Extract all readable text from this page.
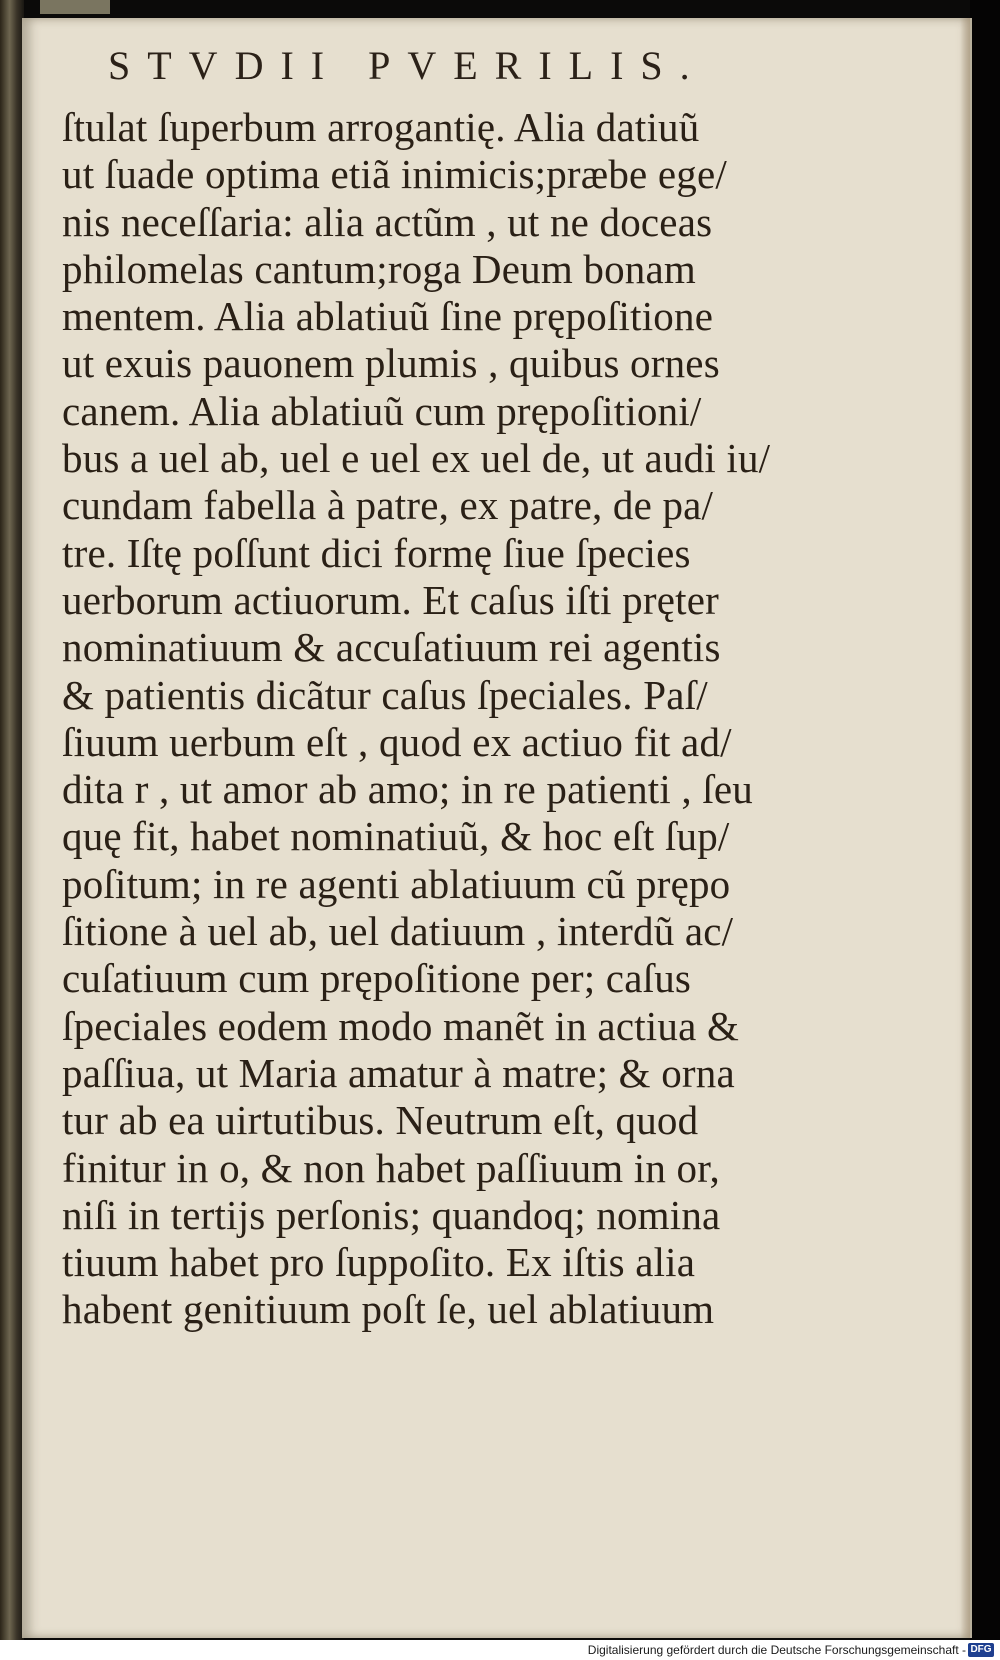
STVDII PVERILIS.
ſtulat ſuperbum arrogantię. Alia datiuũ
ut ſuade optima etiã inimicis;præbe ege/
nis neceſſaria: alia actũm , ut ne doceas
philomelas cantum;roga Deum bonam
mentem. Alia ablatiuũ ſine prępoſitione
ut exuis pauonem plumis , quibus ornes
canem. Alia ablatiuũ cum prępoſitioni/
bus a uel ab, uel e uel ex uel de, ut audi iu/
cundam fabella à patre, ex patre, de pa/
tre. Iſtę poſſunt dici formę ſiue ſpecies
uerborum actiuorum. Et caſus iſti pręter
nominatiuum & accuſatiuum rei agentis
& patientis dicãtur caſus ſpeciales. Paſ/
ſiuum uerbum eſt , quod ex actiuo fit ad/
dita r , ut amor ab amo; in re patienti , ſeu
quę fit, habet nominatiuũ, & hoc eſt ſup/
poſitum; in re agenti ablatiuum cũ prępo
ſitione à uel ab, uel datiuum , interdũ ac/
cuſatiuum cum prępoſitione per; caſus
ſpeciales eodem modo manẽt in actiua &
paſſiua, ut Maria amatur à matre; & orna
tur ab ea uirtutibus. Neutrum eſt, quod
finitur in o, & non habet paſſiuum in or,
niſi in tertijs perſonis; quandoq; nomina
tiuum habet pro ſuppoſito. Ex iſtis alia
habent genitiuum poſt ſe, uel ablatiuum
Digitalisierung gefördert durch die Deutsche Forschungsgemeinschaft - DFG
